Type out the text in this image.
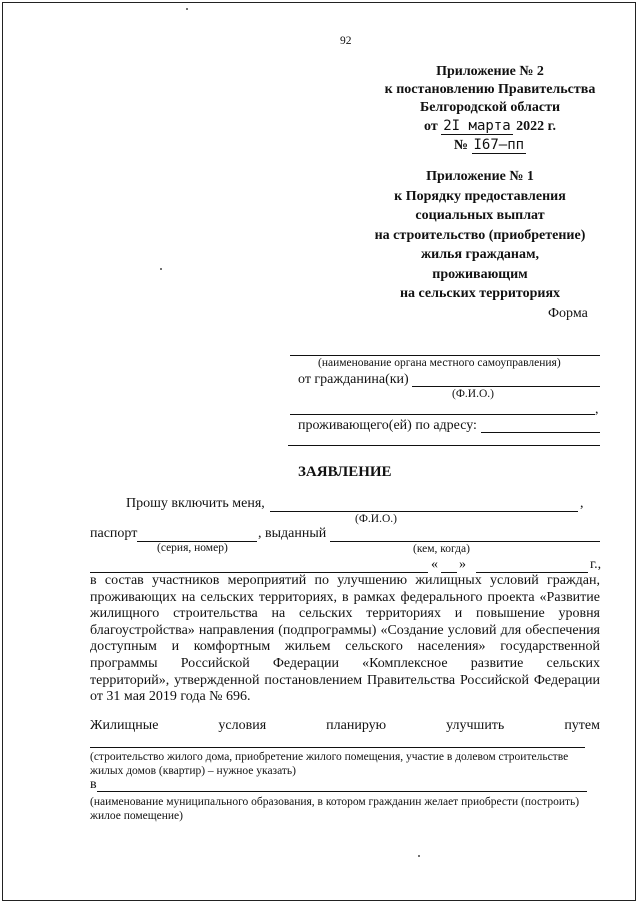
92
Приложение № 2
к постановлению Правительства
Белгородской области
от 2I марта 2022 г.
№ I67–пп
Приложение № 1
к Порядку предоставления
социальных выплат
на строительство (приобретение)
жилья гражданам,
проживающим
на сельских территориях
Форма
(наименование органа местного самоуправления)
от гражданина(ки)
(Ф.И.О.)
,
проживающего(ей) по адресу:
ЗАЯВЛЕНИЕ
Прошу включить меня,	,
(Ф.И.О.)
паспорт	, выданный
(серия, номер)	(кем, когда)
« »	г.,
в состав участников мероприятий по улучшению жилищных условий граждан,
проживающих на сельских территориях, в рамках федерального проекта «Развитие
жилищного строительства на сельских территориях и повышение уровня
благоустройства» направления (подпрограммы) «Создание условий для обеспечения
доступным и комфортным жильем сельского населения» государственной
программы Российской Федерации «Комплексное развитие сельских
территорий», утвержденной постановлением Правительства Российской Федерации
от 31 мая 2019 года № 696.
Жилищные	условия	планирую	улучшить	путем
(строительство жилого дома, приобретение жилого помещения, участие в долевом строительстве
жилых домов (квартир) – нужное указать)
в
(наименование муниципального образования, в котором гражданин желает приобрести (построить)
жилое помещение)
